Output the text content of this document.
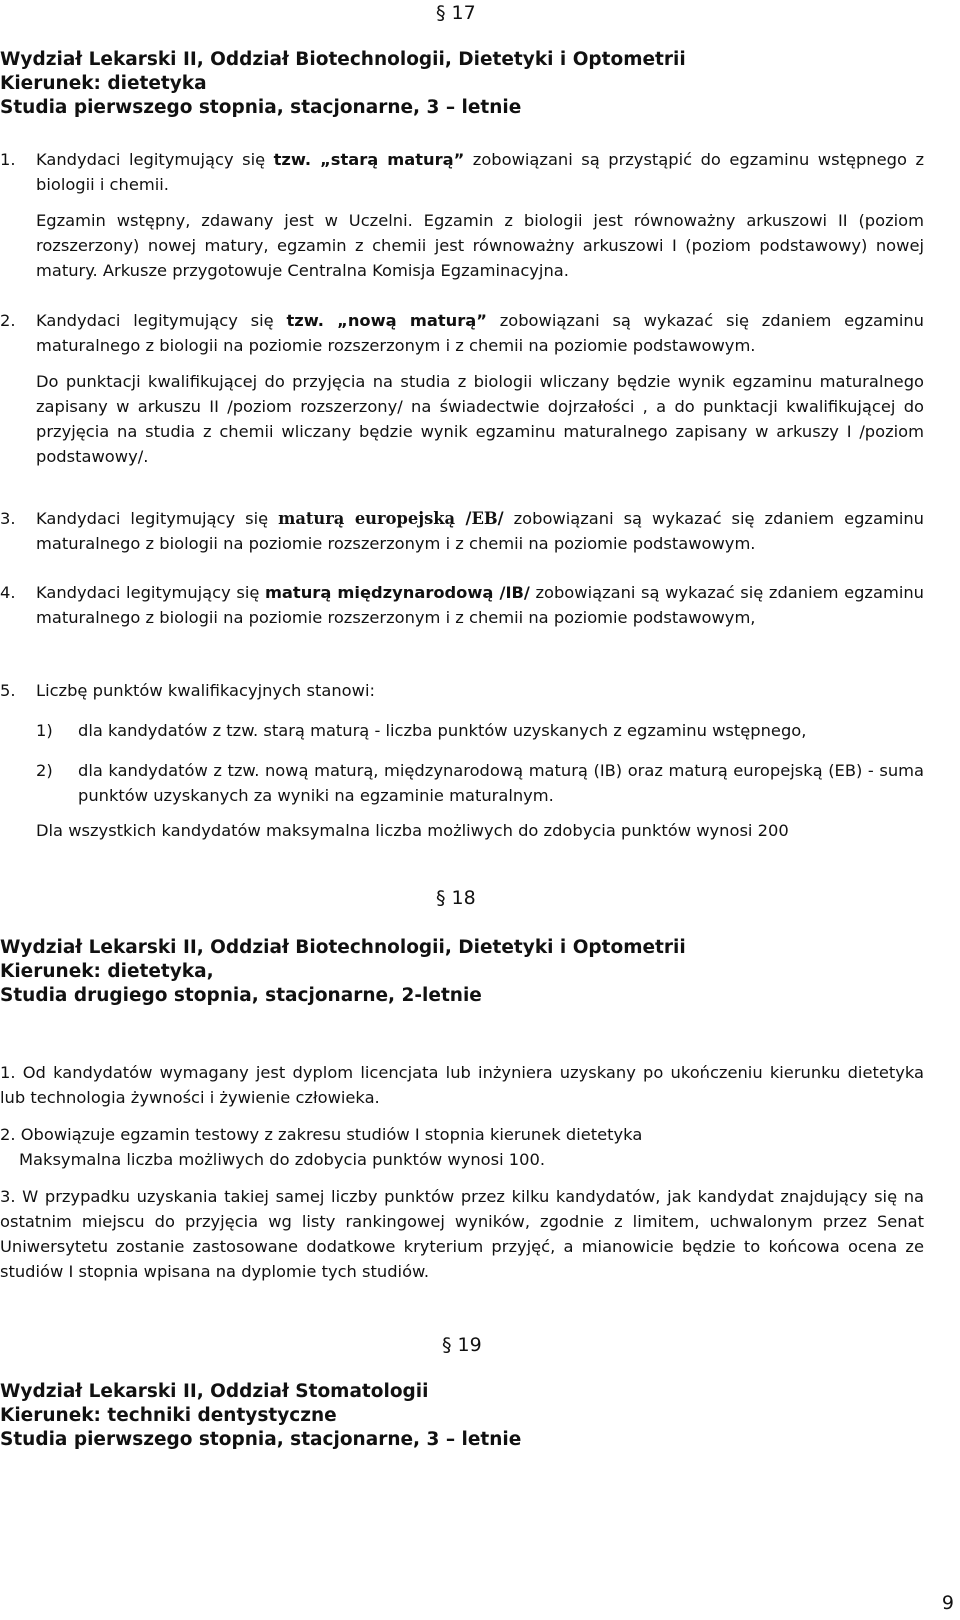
§ 17
Wydział Lekarski II, Oddział Biotechnologii, Dietetyki i Optometrii
Kierunek: dietetyka
Studia pierwszego stopnia, stacjonarne, 3 – letnie
1. Kandydaci legitymujący się tzw. „starą maturą” zobowiązani są przystąpić do egzaminu wstępnego z biologii i chemii.
Egzamin wstępny, zdawany jest w Uczelni. Egzamin z biologii jest równoważny arkuszowi II (poziom rozszerzony) nowej matury, egzamin z chemii jest równoważny arkuszowi I (poziom podstawowy) nowej matury. Arkusze przygotowuje Centralna Komisja Egzaminacyjna.
2. Kandydaci legitymujący się tzw. „nową maturą” zobowiązani są wykazać się zdaniem egzaminu maturalnego z biologii na poziomie rozszerzonym i z chemii na poziomie podstawowym.
Do punktacji kwalifikującej do przyjęcia na studia z biologii wliczany będzie wynik egzaminu maturalnego zapisany w arkuszu II /poziom rozszerzony/ na świadectwie dojrzałości , a do punktacji kwalifikującej do przyjęcia na studia z chemii wliczany będzie wynik egzaminu maturalnego zapisany w arkuszy I /poziom podstawowy/.
3. Kandydaci legitymujący się maturą europejską /EB/ zobowiązani są wykazać się zdaniem egzaminu maturalnego z biologii na poziomie rozszerzonym i z chemii na poziomie podstawowym.
4. Kandydaci legitymujący się maturą międzynarodową /IB/ zobowiązani są wykazać się zdaniem egzaminu maturalnego z biologii na poziomie rozszerzonym i z chemii na poziomie podstawowym,
5. Liczbę punktów kwalifikacyjnych stanowi:
1) dla kandydatów z tzw. starą maturą - liczba punktów uzyskanych z egzaminu wstępnego,
2) dla kandydatów z tzw. nową maturą, międzynarodową maturą (IB) oraz maturą europejską (EB) - suma punktów uzyskanych za wyniki na egzaminie maturalnym.
Dla wszystkich kandydatów maksymalna liczba możliwych do zdobycia punktów wynosi 200
§ 18
Wydział Lekarski II, Oddział Biotechnologii, Dietetyki i Optometrii
Kierunek: dietetyka,
Studia drugiego stopnia, stacjonarne, 2-letnie
1. Od kandydatów wymagany jest dyplom licencjata lub inżyniera uzyskany po ukończeniu kierunku dietetyka lub technologia żywności i żywienie człowieka.
2. Obowiązuje egzamin testowy z zakresu studiów I stopnia kierunek dietetyka
Maksymalna liczba możliwych do zdobycia punktów wynosi 100.
3. W przypadku uzyskania takiej samej liczby punktów przez kilku kandydatów, jak kandydat znajdujący się na ostatnim miejscu do przyjęcia wg listy rankingowej wyników, zgodnie z limitem, uchwalonym przez Senat Uniwersytetu zostanie zastosowane dodatkowe kryterium przyjęć, a mianowicie będzie to końcowa ocena ze studiów I stopnia wpisana na dyplomie tych studiów.
§ 19
Wydział Lekarski II, Oddział Stomatologii
Kierunek: techniki dentystyczne
Studia pierwszego stopnia, stacjonarne, 3 – letnie
9
